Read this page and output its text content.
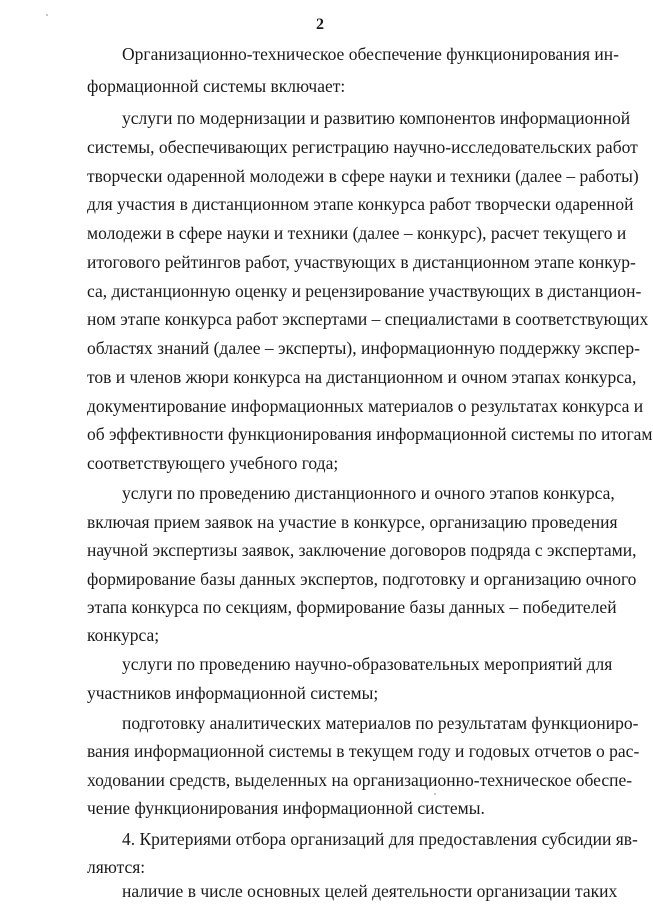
2
Организационно-техническое обеспечение функционирования ин-
формационной системы включает:
услуги по модернизации и развитию компонентов информационной
системы, обеспечивающих регистрацию научно-исследовательских работ
творчески одаренной молодежи в сфере науки и техники (далее – работы)
для участия в дистанционном этапе конкурса работ творчески одаренной
молодежи в сфере науки и техники (далее – конкурс), расчет текущего и
итогового рейтингов работ, участвующих в дистанционном этапе конкур-
са, дистанционную оценку и рецензирование участвующих в дистанцион-
ном этапе конкурса работ экспертами – специалистами в соответствующих
областях знаний (далее – эксперты), информационную поддержку экспер-
тов и членов жюри конкурса на дистанционном и очном этапах конкурса,
документирование информационных материалов о результатах конкурса и
об эффективности функционирования информационной системы по итогам
соответствующего учебного года;
услуги по проведению дистанционного и очного этапов конкурса,
включая прием заявок на участие в конкурсе, организацию проведения
научной экспертизы заявок, заключение договоров подряда с экспертами,
формирование базы данных экспертов, подготовку и организацию очного
этапа конкурса по секциям, формирование базы данных – победителей
конкурса;
услуги по проведению научно-образовательных мероприятий для
участников информационной системы;
подготовку аналитических материалов по результатам функциониро-
вания информационной системы в текущем году и годовых отчетов о рас-
ходовании средств, выделенных на организационно-техническое обеспе-
чение функционирования информационной системы.
4. Критериями отбора организаций для предоставления субсидии яв-
ляются:
наличие в числе основных целей деятельности организации таких
